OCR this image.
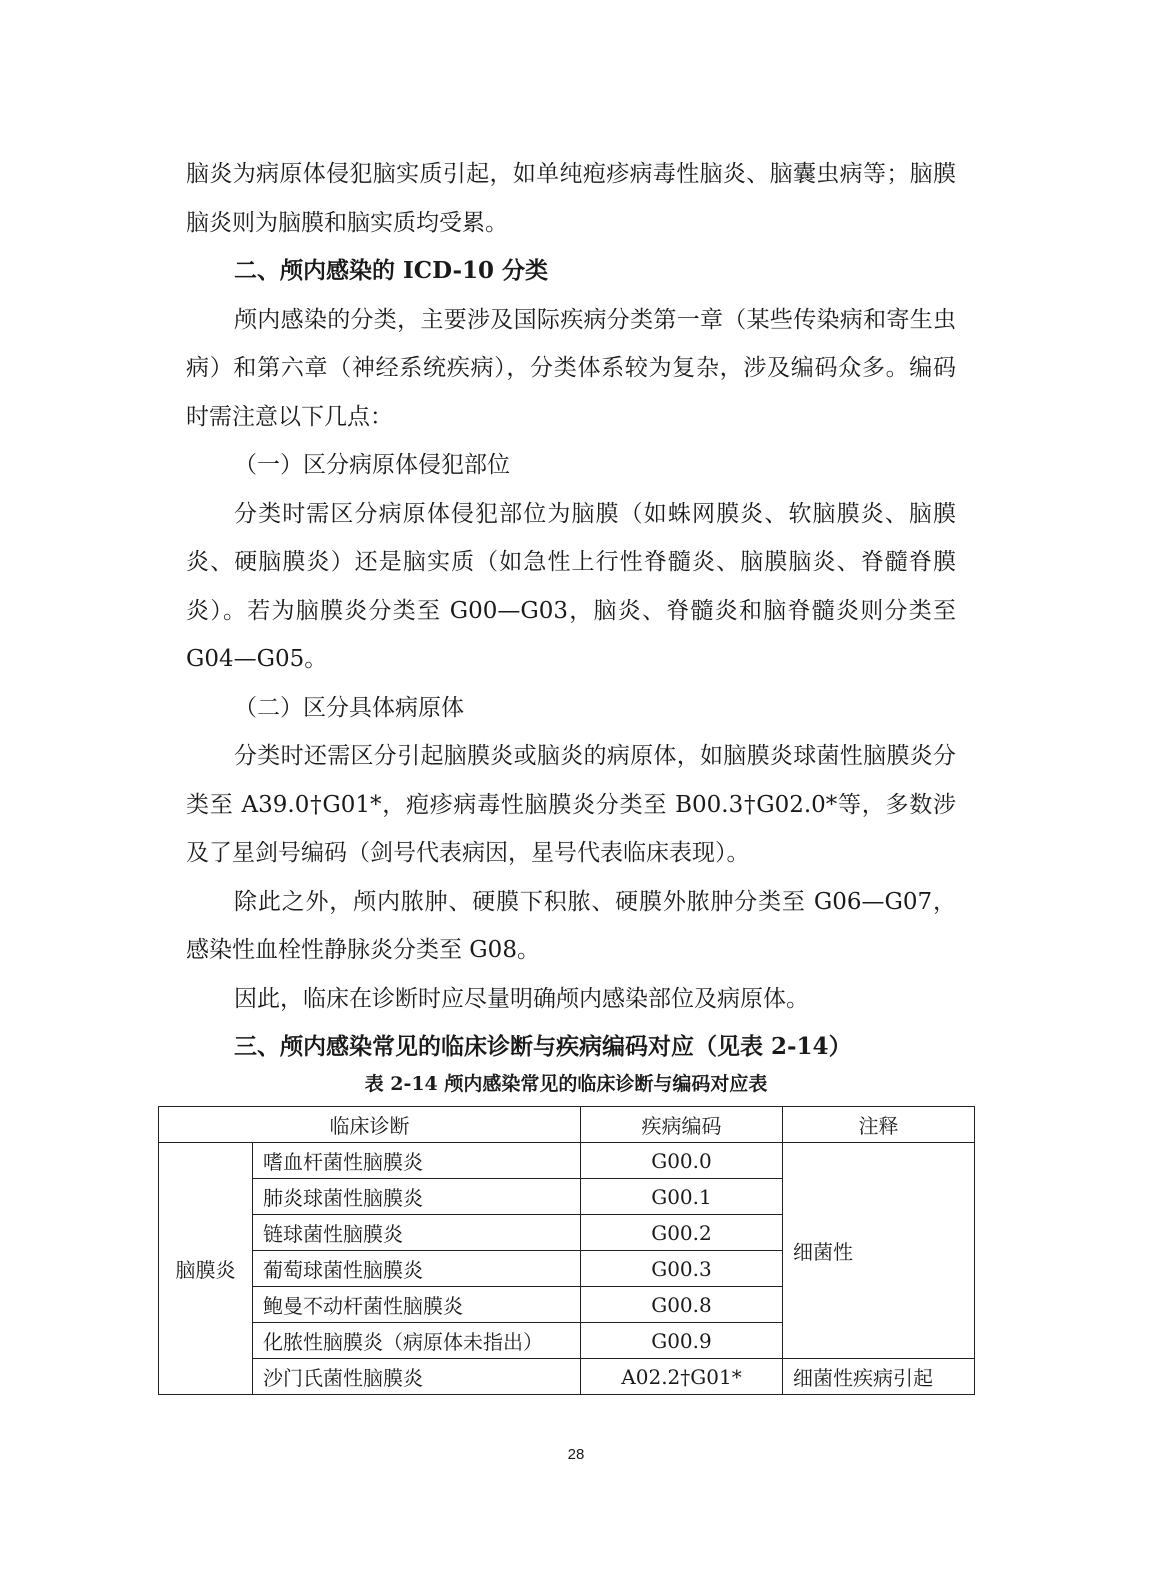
脑炎为病原体侵犯脑实质引起，如单纯疱疹病毒性脑炎、脑囊虫病等；脑膜脑炎则为脑膜和脑实质均受累。

二、颅内感染的 ICD-10 分类

颅内感染的分类，主要涉及国际疾病分类第一章（某些传染病和寄生虫病）和第六章（神经系统疾病），分类体系较为复杂，涉及编码众多。编码时需注意以下几点：

（一）区分病原体侵犯部位

分类时需区分病原体侵犯部位为脑膜（如蛛网膜炎、软脑膜炎、脑膜炎、硬脑膜炎）还是脑实质（如急性上行性脊髓炎、脑膜脑炎、脊髓脊膜炎）。若为脑膜炎分类至 G00—G03，脑炎、脊髓炎和脑脊髓炎则分类至 G04—G05。

（二）区分具体病原体

分类时还需区分引起脑膜炎或脑炎的病原体，如脑膜炎球菌性脑膜炎分类至 A39.0†G01*，疱疹病毒性脑膜炎分类至 B00.3†G02.0*等，多数涉及了星剑号编码（剑号代表病因，星号代表临床表现）。

除此之外，颅内脓肿、硬膜下积脓、硬膜外脓肿分类至 G06—G07，感染性血栓性静脉炎分类至 G08。

因此，临床在诊断时应尽量明确颅内感染部位及病原体。

三、颅内感染常见的临床诊断与疾病编码对应（见表 2-14）

表 2-14 颅内感染常见的临床诊断与编码对应表
临床诊断		疾病编码	注释
脑膜炎	嗜血杆菌性脑膜炎	G00.0	细菌性
	肺炎球菌性脑膜炎	G00.1	
	链球菌性脑膜炎	G00.2	
	葡萄球菌性脑膜炎	G00.3	
	鲍曼不动杆菌性脑膜炎	G00.8	
	化脓性脑膜炎（病原体未指出）	G00.9	
	沙门氏菌性脑膜炎	A02.2†G01*	细菌性疾病引起
28
